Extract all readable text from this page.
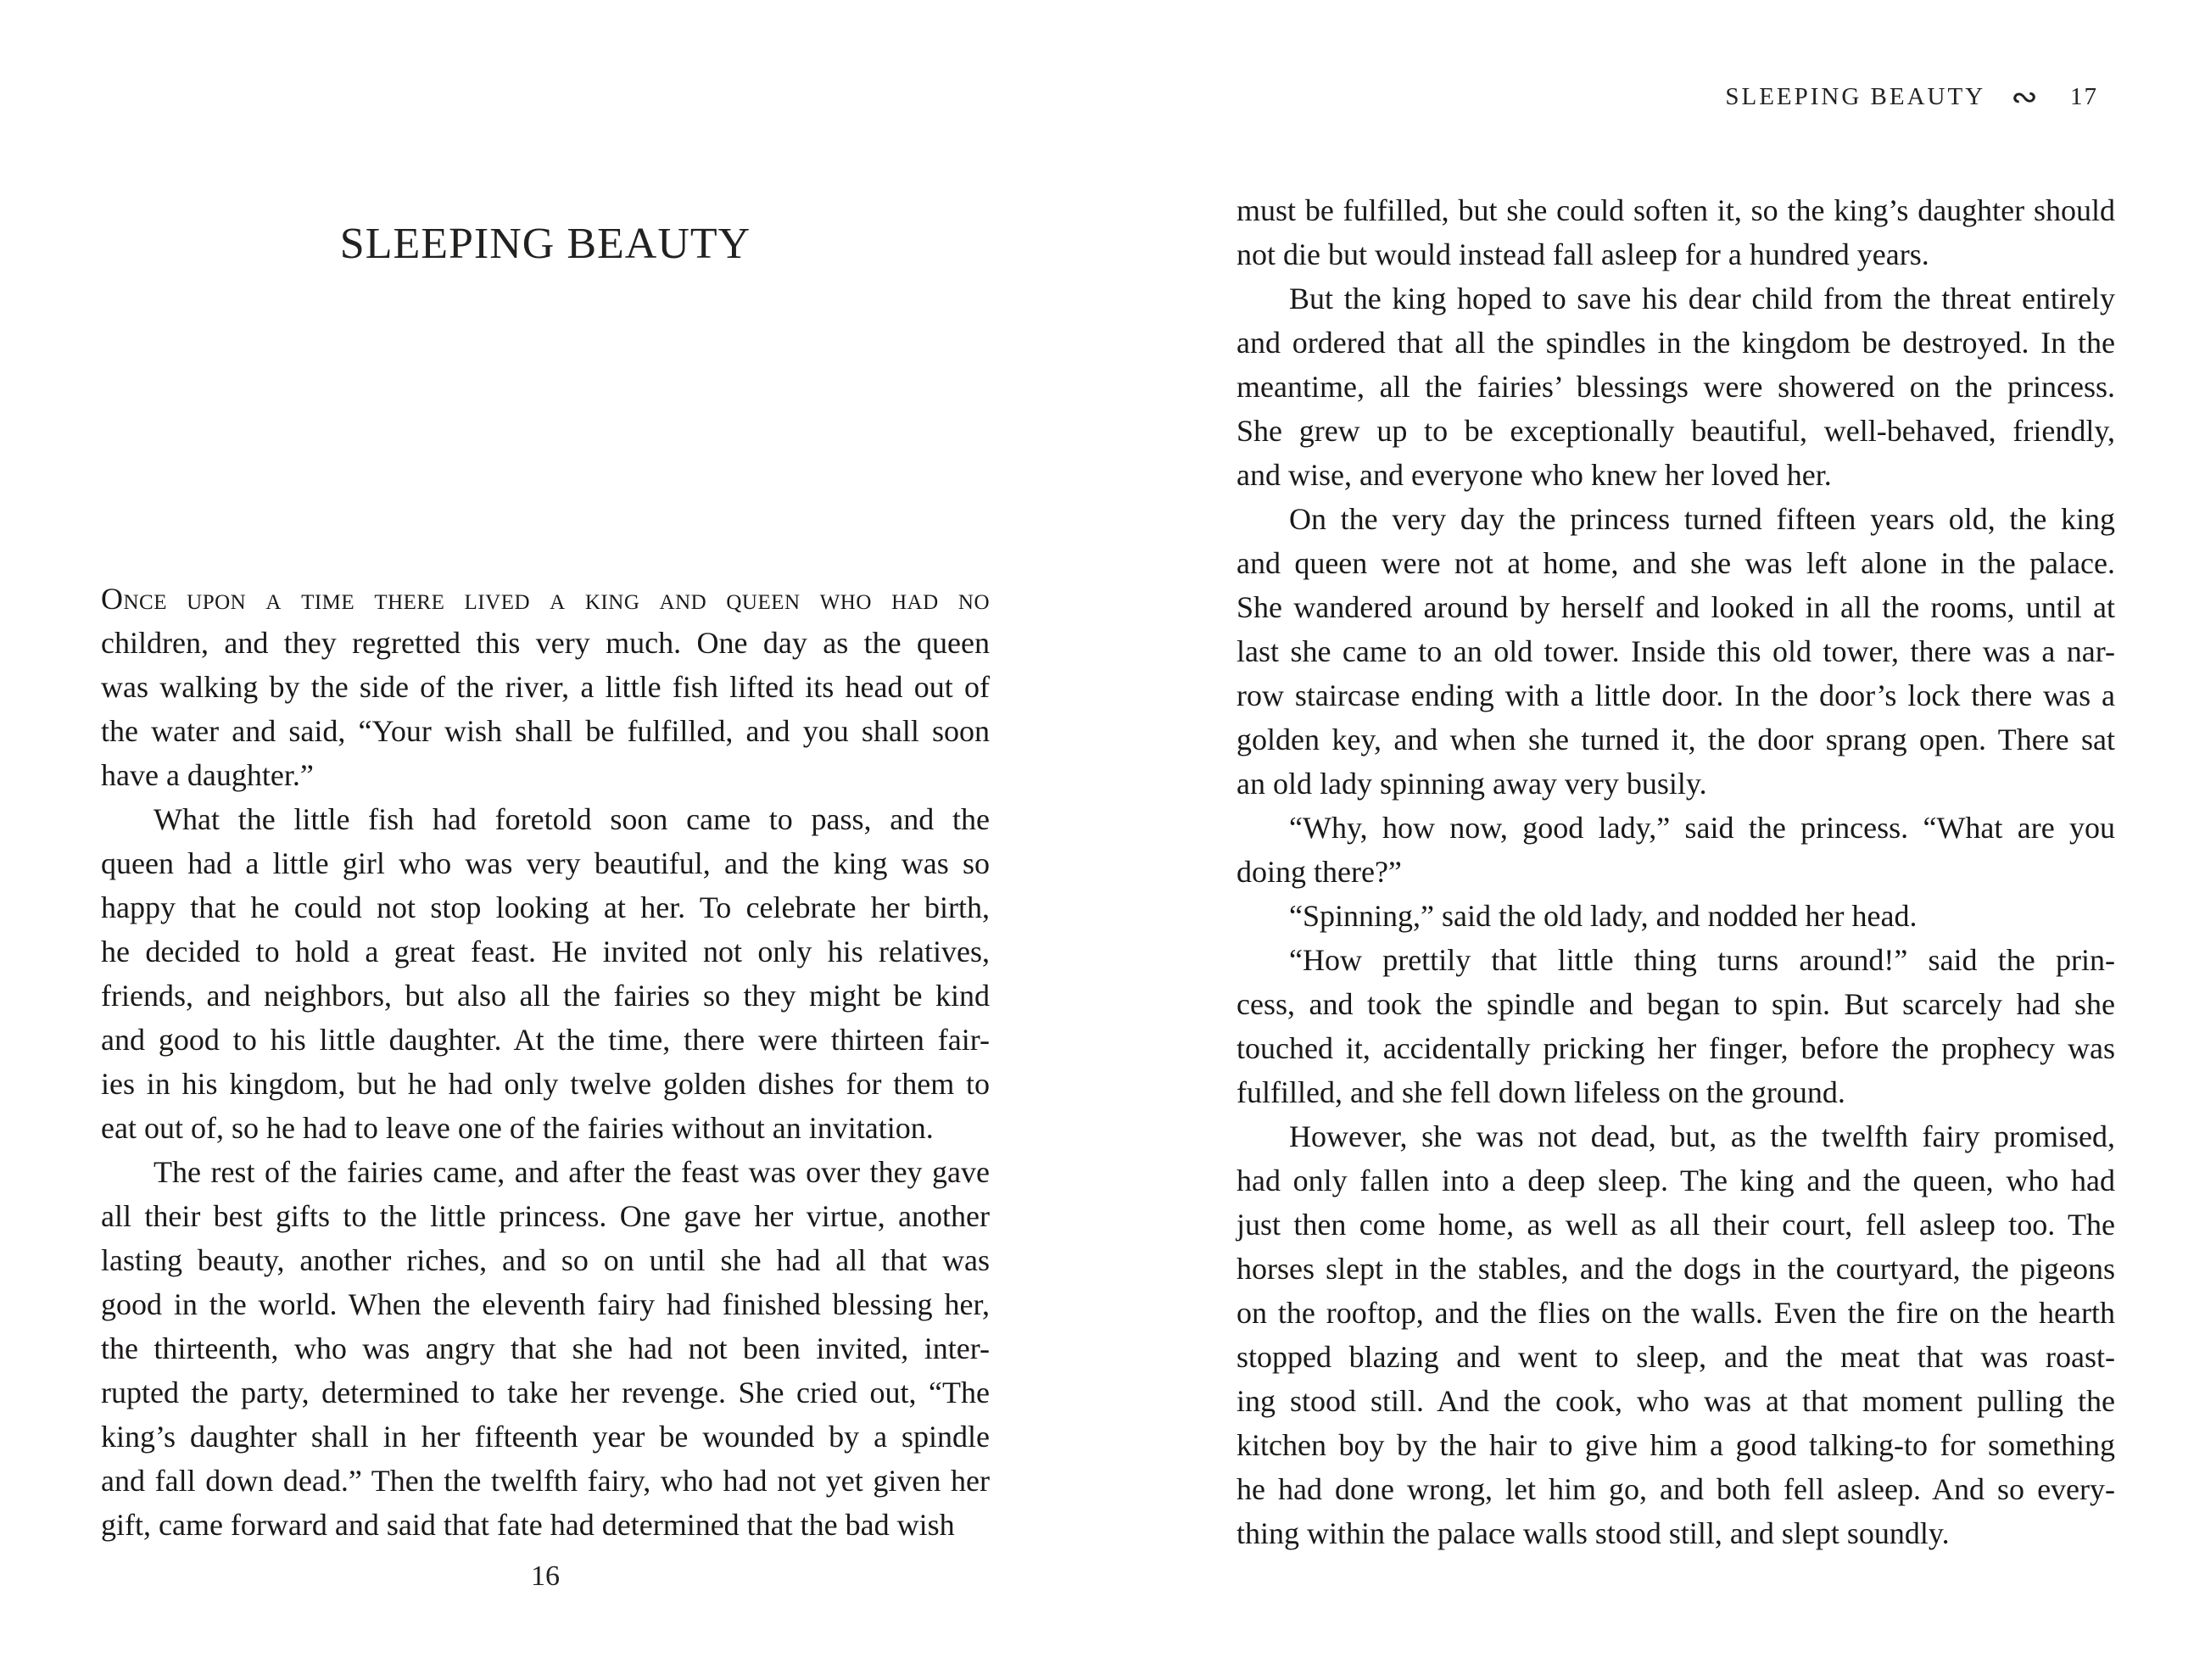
SLEEPING BEAUTY
Once upon a time there lived a king and queen who had no
children, and they regretted this very much. One day as the queen
was walking by the side of the river, a little fish lifted its head out of
the water and said, “Your wish shall be fulfilled, and you shall soon
have a daughter.”
What the little fish had foretold soon came to pass, and the
queen had a little girl who was very beautiful, and the king was so
happy that he could not stop looking at her. To celebrate her birth,
he decided to hold a great feast. He invited not only his relatives,
friends, and neighbors, but also all the fairies so they might be kind
and good to his little daughter. At the time, there were thirteen fair-
ies in his kingdom, but he had only twelve golden dishes for them to
eat out of, so he had to leave one of the fairies without an invitation.
The rest of the fairies came, and after the feast was over they gave
all their best gifts to the little princess. One gave her virtue, another
lasting beauty, another riches, and so on until she had all that was
good in the world. When the eleventh fairy had finished blessing her,
the thirteenth, who was angry that she had not been invited, inter-
rupted the party, determined to take her revenge. She cried out, “The
king’s daughter shall in her fifteenth year be wounded by a spindle
and fall down dead.” Then the twelfth fairy, who had not yet given her
gift, came forward and said that fate had determined that the bad wish
16
SLEEPING BEAUTY ∾ 17
must be fulfilled, but she could soften it, so the king’s daughter should
not die but would instead fall asleep for a hundred years.
But the king hoped to save his dear child from the threat entirely
and ordered that all the spindles in the kingdom be destroyed. In the
meantime, all the fairies’ blessings were showered on the princess.
She grew up to be exceptionally beautiful, well-behaved, friendly,
and wise, and everyone who knew her loved her.
On the very day the princess turned fifteen years old, the king
and queen were not at home, and she was left alone in the palace.
She wandered around by herself and looked in all the rooms, until at
last she came to an old tower. Inside this old tower, there was a nar-
row staircase ending with a little door. In the door’s lock there was a
golden key, and when she turned it, the door sprang open. There sat
an old lady spinning away very busily.
“Why, how now, good lady,” said the princess. “What are you
doing there?”
“Spinning,” said the old lady, and nodded her head.
“How prettily that little thing turns around!” said the prin-
cess, and took the spindle and began to spin. But scarcely had she
touched it, accidentally pricking her finger, before the prophecy was
fulfilled, and she fell down lifeless on the ground.
However, she was not dead, but, as the twelfth fairy promised,
had only fallen into a deep sleep. The king and the queen, who had
just then come home, as well as all their court, fell asleep too. The
horses slept in the stables, and the dogs in the courtyard, the pigeons
on the rooftop, and the flies on the walls. Even the fire on the hearth
stopped blazing and went to sleep, and the meat that was roast-
ing stood still. And the cook, who was at that moment pulling the
kitchen boy by the hair to give him a good talking-to for something
he had done wrong, let him go, and both fell asleep. And so every-
thing within the palace walls stood still, and slept soundly.
